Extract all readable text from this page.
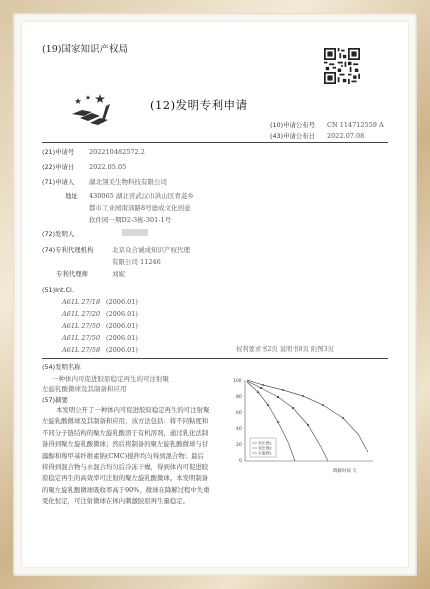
(19)国家知识产权局
(12)发明专利申请
(10)申请公布号 CN 114712559 A
(43)申请公布日 2022.07.08
(21)申请号 202210482572.2
(22)申请日 2022.05.05
(71)申请人 湖北翎美生物科技有限公司
地址 430065 湖北省武汉市洪山区青菱乡
都市工业园南郊路8号德成文化创意
软件园一期D2-3栋-301-1号
(72)发明人
(74)专利代理机构	北京众合诚成知识产权代理
有限公司 11246
专利代理师	刘妮
(51)Int.Cl.
A61L 27/18 (2006.01)
A61L 27/20 (2006.01)
A61L 27/50 (2006.01)
A61L 27/50 (2006.01)
A61L 27/58 (2006.01)	权利要求书2页 说明书8页 附图3页
(54)发明名称
一种体内可促进胶原稳定再生的可注射聚
左旋乳酸微球及其制备和应用
(57)摘要
本发明公开了一种体内可促进胶原稳定再生的可注射聚左旋乳酸微球及其制备和应用，该方法包括：将不同粘度和不同分子链结构的聚左旋乳酸溶于有机溶剂，通过乳化法制备得到聚左旋乳酸微球；然后将制备的聚左旋乳酸微球与甘露醇和羧甲基纤维素钠(CMC)搅拌均匀得到混合物；最后将得到混合物与水混合均匀后冷冻干燥，得到体内可促进胶原稳定再生的高效率可注射的聚左旋乳酸微球。本发明制备的聚左旋乳酸微球吸收率高于90%，微球在降解过程中失重变化恒定，可注射微球在体内刺激胶原再生量稳定。
100
80
60
40
20
0
降解时间 天
对比例1
对比例2
实施例1
